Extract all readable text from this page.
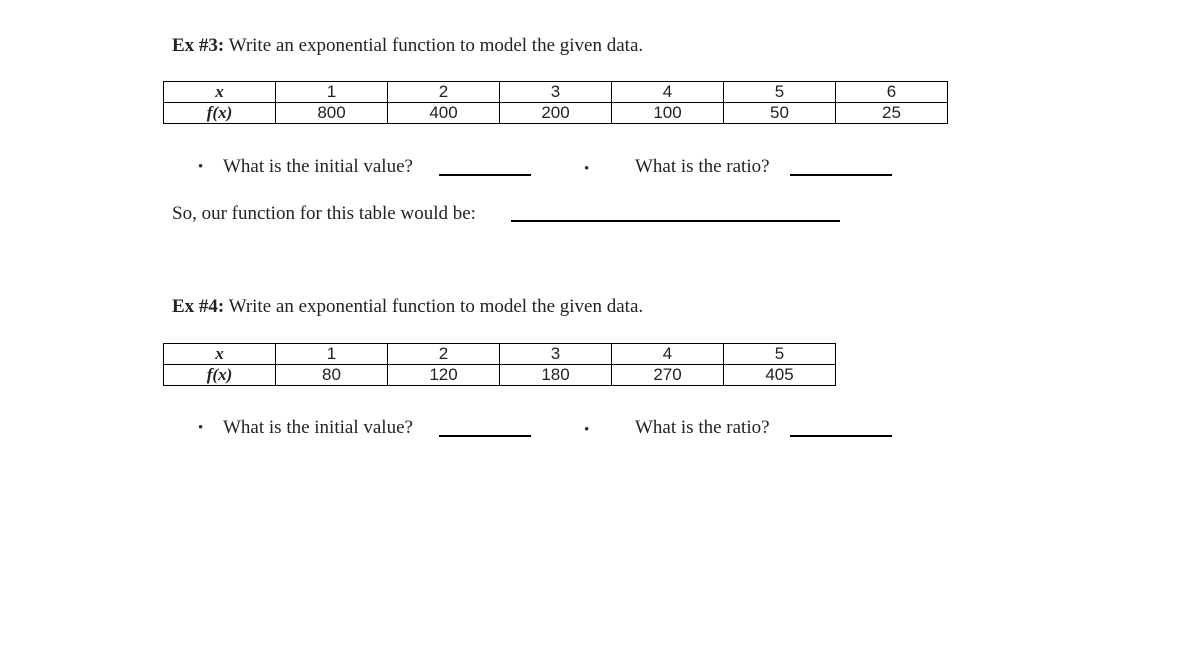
Ex #3: Write an exponential function to model the given data.
x	1	2	3	4	5	6
f(x)	800	400	200	100	50	25
• What is the initial value?	• What is the ratio?
So, our function for this table would be:
Ex #4: Write an exponential function to model the given data.
x	1	2	3	4	5
f(x)	80	120	180	270	405
• What is the initial value?	• What is the ratio?
